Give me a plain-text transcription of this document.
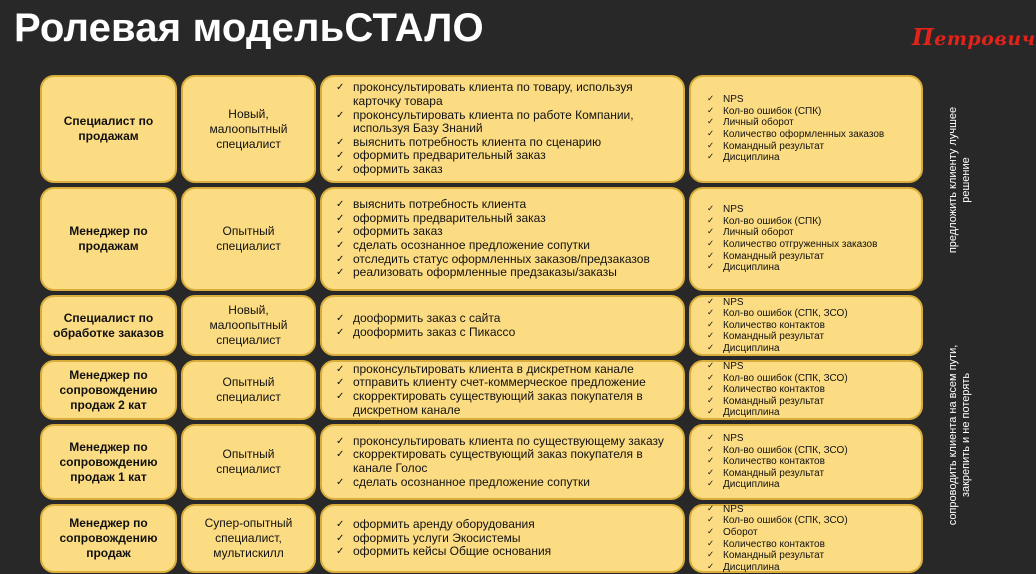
Ролевая модельСТАЛО	Петрович
Специалист по продажам
Новый, малоопытный специалист
✓ проконсультировать клиента по товару, используя карточку товара
✓ проконсультировать клиента по работе Компании, используя Базу Знаний
✓ выяснить потребность клиента по сценарию
✓ оформить предварительный заказ
✓ оформить заказ
✓ NPS
✓ Кол-во ошибок (СПК)
✓ Личный оборот
✓ Количество оформленных заказов
✓ Командный результат
✓ Дисциплина
Менеджер по продажам
Опытный специалист
✓ выяснить потребность клиента
✓ оформить предварительный заказ
✓ оформить заказ
✓ сделать осознанное предложение сопутки
✓ отследить статус оформленных заказов/предзаказов
✓ реализовать оформленные предзаказы/заказы
✓ NPS
✓ Кол-во ошибок (СПК)
✓ Личный оборот
✓ Количество отгруженных заказов
✓ Командный результат
✓ Дисциплина
Специалист по обработке заказов
Новый, малоопытный специалист
✓ дооформить заказ с сайта
✓ дооформить заказ с Пикассо
✓ NPS
✓ Кол-во ошибок (СПК, ЗСО)
✓ Количество контактов
✓ Командный результат
✓ Дисциплина
Менеджер по сопровождению продаж 2 кат
Опытный специалист
✓ проконсультировать клиента в дискретном канале
✓ отправить клиенту счет-коммерческое предложение
✓ скорректировать существующий заказ покупателя в дискретном канале
✓ NPS
✓ Кол-во ошибок (СПК, ЗСО)
✓ Количество контактов
✓ Командный результат
✓ Дисциплина
Менеджер по сопровождению продаж 1 кат
Опытный специалист
✓ проконсультировать клиента по существующему заказу
✓ скорректировать существующий заказ покупателя в канале Голос
✓ сделать осознанное предложение сопутки
✓ NPS
✓ Кол-во ошибок (СПК, ЗСО)
✓ Количество контактов
✓ Командный результат
✓ Дисциплина
Менеджер по сопровождению продаж
Супер-опытный специалист, мультискилл
✓ оформить аренду оборудования
✓ оформить услуги Экосистемы
✓ оформить кейсы Общие основания
✓ NPS
✓ Кол-во ошибок (СПК, ЗСО)
✓ Оборот
✓ Количество контактов
✓ Командный результат
✓ Дисциплина
предложить клиенту лучшее решение
сопроводить клиента на всем пути, закрепить и не потерять
